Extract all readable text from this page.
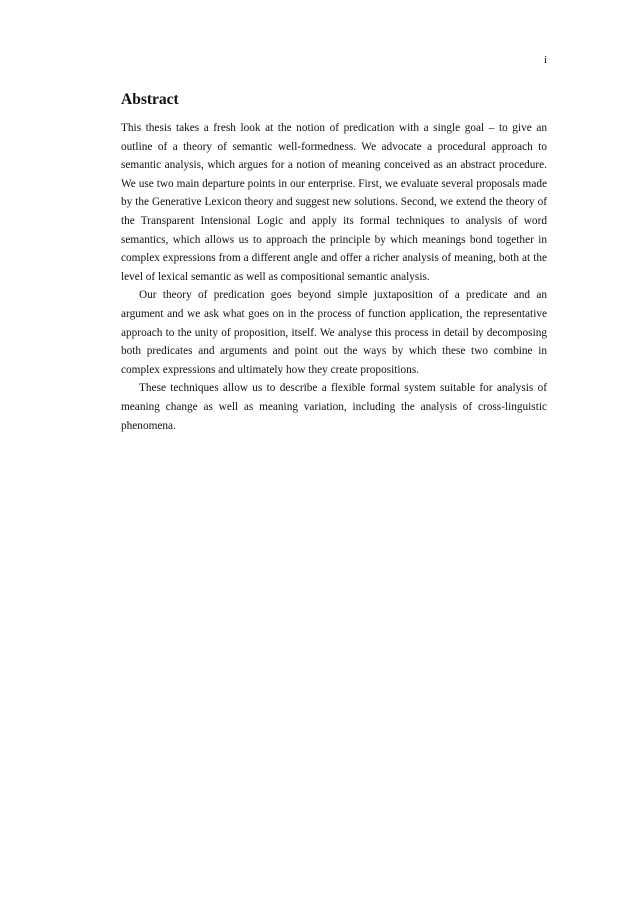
i
Abstract

This thesis takes a fresh look at the notion of predication with a single goal – to give an outline of a theory of semantic well-formedness. We advocate a procedural approach to semantic analysis, which argues for a notion of meaning conceived as an abstract procedure. We use two main departure points in our enterprise. First, we evaluate several proposals made by the Generative Lexicon theory and suggest new solutions. Second, we extend the theory of the Transparent Intensional Logic and apply its formal techniques to analysis of word semantics, which allows us to approach the principle by which meanings bond together in complex expressions from a different angle and offer a richer analysis of meaning, both at the level of lexical semantic as well as compositional semantic analysis.

Our theory of predication goes beyond simple juxtaposition of a predicate and an argument and we ask what goes on in the process of function application, the representative approach to the unity of proposition, itself. We analyse this process in detail by decomposing both predicates and arguments and point out the ways by which these two combine in complex expressions and ultimately how they create propositions.

These techniques allow us to describe a flexible formal system suitable for analysis of meaning change as well as meaning variation, including the analysis of cross-linguistic phenomena.
